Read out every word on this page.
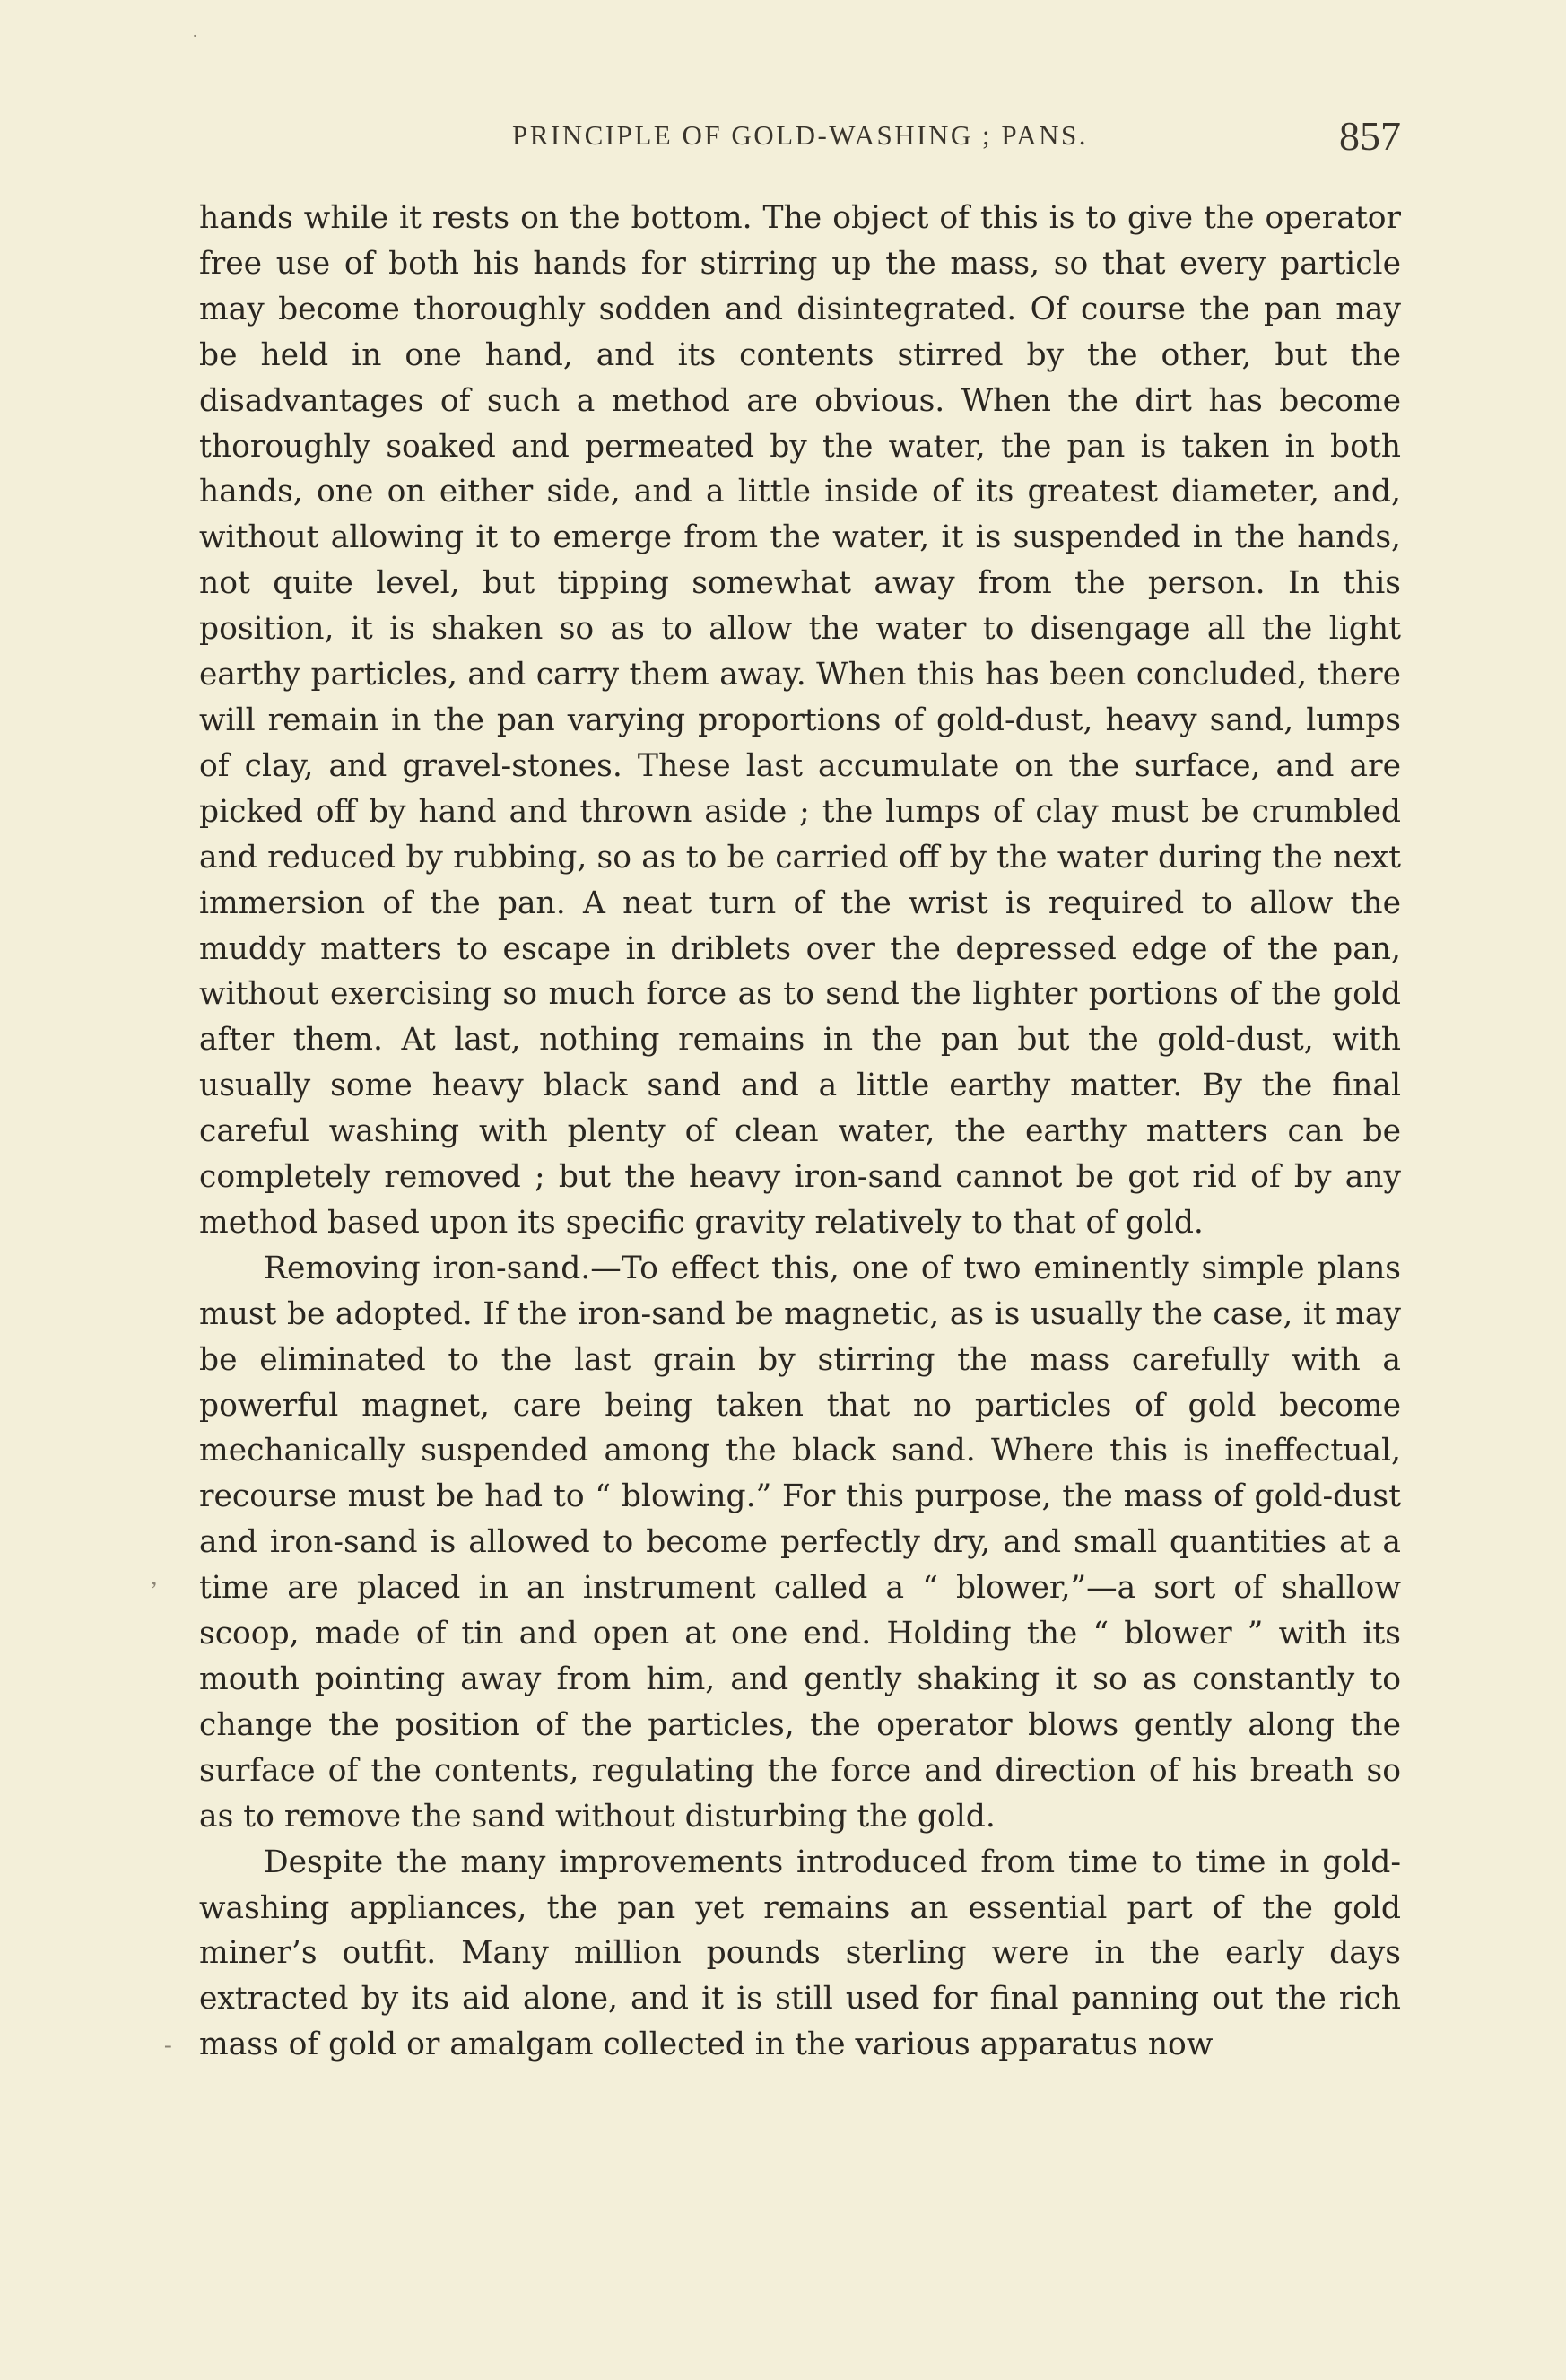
PRINCIPLE OF GOLD-WASHING ; PANS.	857

hands while it rests on the bottom. The object of this is to give the operator free use of both his hands for stirring up the mass, so that every particle may become thoroughly sodden and disintegrated. Of course the pan may be held in one hand, and its contents stirred by the other, but the disadvantages of such a method are obvious. When the dirt has become thoroughly soaked and permeated by the water, the pan is taken in both hands, one on either side, and a little inside of its greatest diameter, and, without allowing it to emerge from the water, it is suspended in the hands, not quite level, but tipping somewhat away from the person. In this position, it is shaken so as to allow the water to disengage all the light earthy particles, and carry them away. When this has been concluded, there will remain in the pan varying proportions of gold-dust, heavy sand, lumps of clay, and gravel-stones. These last accumulate on the surface, and are picked off by hand and thrown aside ; the lumps of clay must be crumbled and reduced by rubbing, so as to be carried off by the water during the next immersion of the pan. A neat turn of the wrist is required to allow the muddy matters to escape in driblets over the depressed edge of the pan, without exercising so much force as to send the lighter portions of the gold after them. At last, nothing remains in the pan but the gold-dust, with usually some heavy black sand and a little earthy matter. By the final careful washing with plenty of clean water, the earthy matters can be completely removed ; but the heavy iron-sand cannot be got rid of by any method based upon its specific gravity relatively to that of gold.

Removing iron-sand.—To effect this, one of two eminently simple plans must be adopted. If the iron-sand be magnetic, as is usually the case, it may be eliminated to the last grain by stirring the mass carefully with a powerful magnet, care being taken that no particles of gold become mechanically suspended among the black sand. Where this is ineffectual, recourse must be had to “ blowing.” For this purpose, the mass of gold-dust and iron-sand is allowed to become perfectly dry, and small quantities at a time are placed in an instrument called a “ blower,”—a sort of shallow scoop, made of tin and open at one end. Holding the “ blower ” with its mouth pointing away from him, and gently shaking it so as constantly to change the position of the particles, the operator blows gently along the surface of the contents, regulating the force and direction of his breath so as to remove the sand without disturbing the gold.

Despite the many improvements introduced from time to time in gold-washing appliances, the pan yet remains an essential part of the gold miner’s outfit. Many million pounds sterling were in the early days extracted by its aid alone, and it is still used for final panning out the rich mass of gold or amalgam collected in the various apparatus now

.
,
-
